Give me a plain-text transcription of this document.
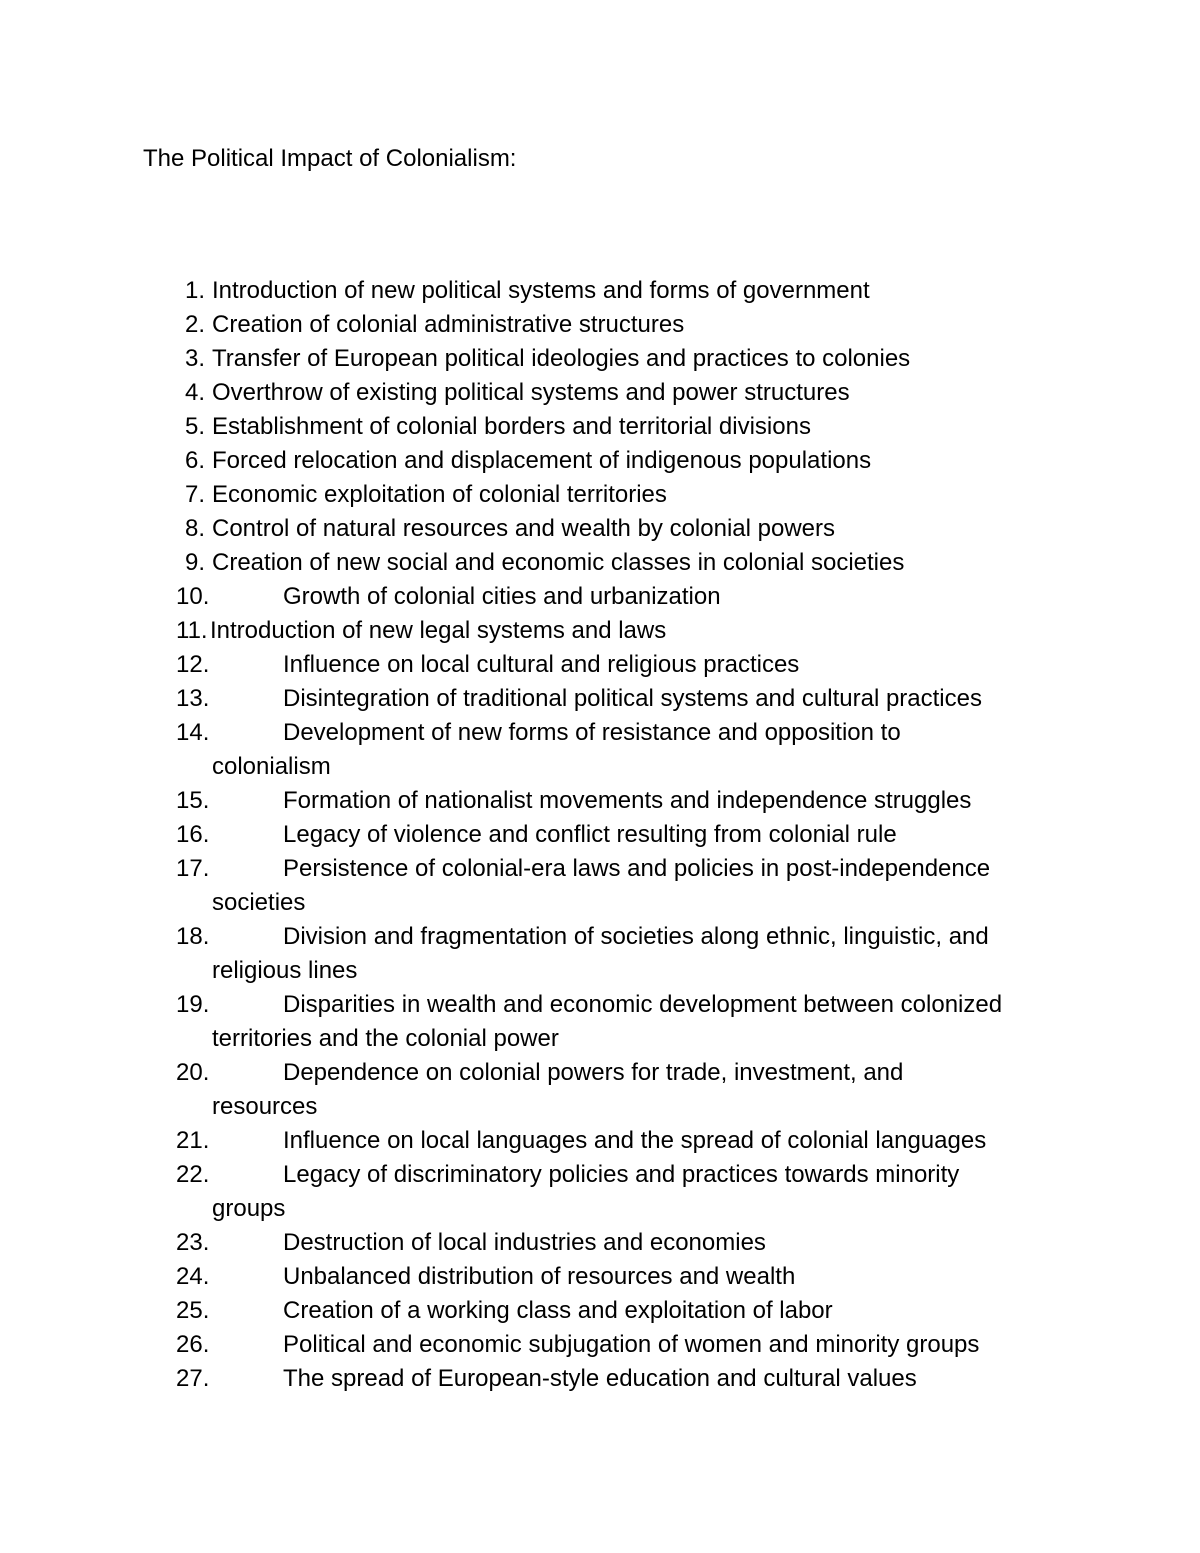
The Political Impact of Colonialism:
1. Introduction of new political systems and forms of government
2. Creation of colonial administrative structures
3. Transfer of European political ideologies and practices to colonies
4. Overthrow of existing political systems and power structures
5. Establishment of colonial borders and territorial divisions
6. Forced relocation and displacement of indigenous populations
7. Economic exploitation of colonial territories
8. Control of natural resources and wealth by colonial powers
9. Creation of new social and economic classes in colonial societies
10.	Growth of colonial cities and urbanization
11. Introduction of new legal systems and laws
12.	Influence on local cultural and religious practices
13.	Disintegration of traditional political systems and cultural practices
14.	Development of new forms of resistance and opposition to
colonialism
15.	Formation of nationalist movements and independence struggles
16.	Legacy of violence and conflict resulting from colonial rule
17.	Persistence of colonial-era laws and policies in post-independence
societies
18.	Division and fragmentation of societies along ethnic, linguistic, and
religious lines
19.	Disparities in wealth and economic development between colonized
territories and the colonial power
20.	Dependence on colonial powers for trade, investment, and
resources
21.	Influence on local languages and the spread of colonial languages
22.	Legacy of discriminatory policies and practices towards minority
groups
23.	Destruction of local industries and economies
24.	Unbalanced distribution of resources and wealth
25.	Creation of a working class and exploitation of labor
26.	Political and economic subjugation of women and minority groups
27.	The spread of European-style education and cultural values
